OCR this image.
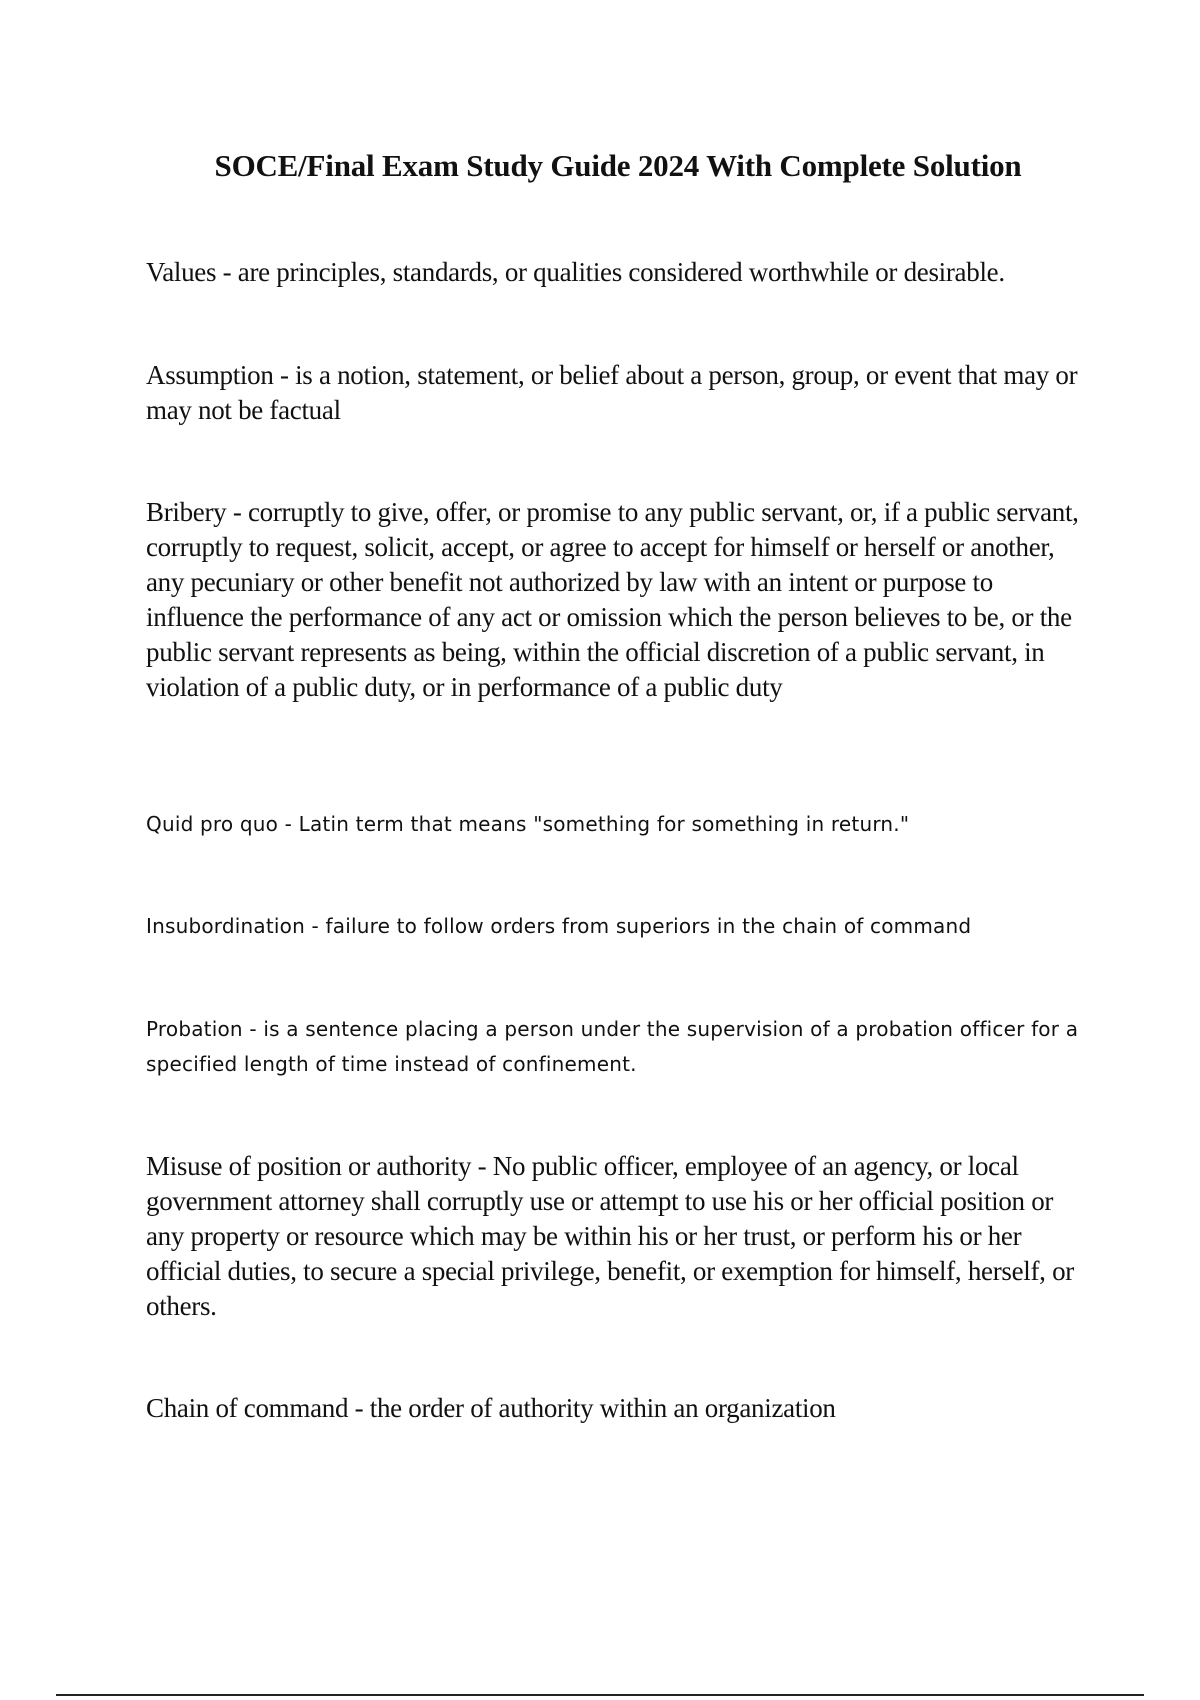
SOCE/Final Exam Study Guide 2024 With Complete Solution

Values - are principles, standards, or qualities considered worthwhile or desirable.

Assumption - is a notion, statement, or belief about a person, group, or event that may or may not be factual

Bribery - corruptly to give, offer, or promise to any public servant, or, if a public servant, corruptly to request, solicit, accept, or agree to accept for himself or herself or another, any pecuniary or other benefit not authorized by law with an intent or purpose to influence the performance of any act or omission which the person believes to be, or the public servant represents as being, within the official discretion of a public servant, in violation of a public duty, or in performance of a public duty

Quid pro quo - Latin term that means "something for something in return."

Insubordination - failure to follow orders from superiors in the chain of command

Probation - is a sentence placing a person under the supervision of a probation officer for a specified length of time instead of confinement.

Misuse of position or authority - No public officer, employee of an agency, or local government attorney shall corruptly use or attempt to use his or her official position or any property or resource which may be within his or her trust, or perform his or her official duties, to secure a special privilege, benefit, or exemption for himself, herself, or others.

Chain of command - the order of authority within an organization
